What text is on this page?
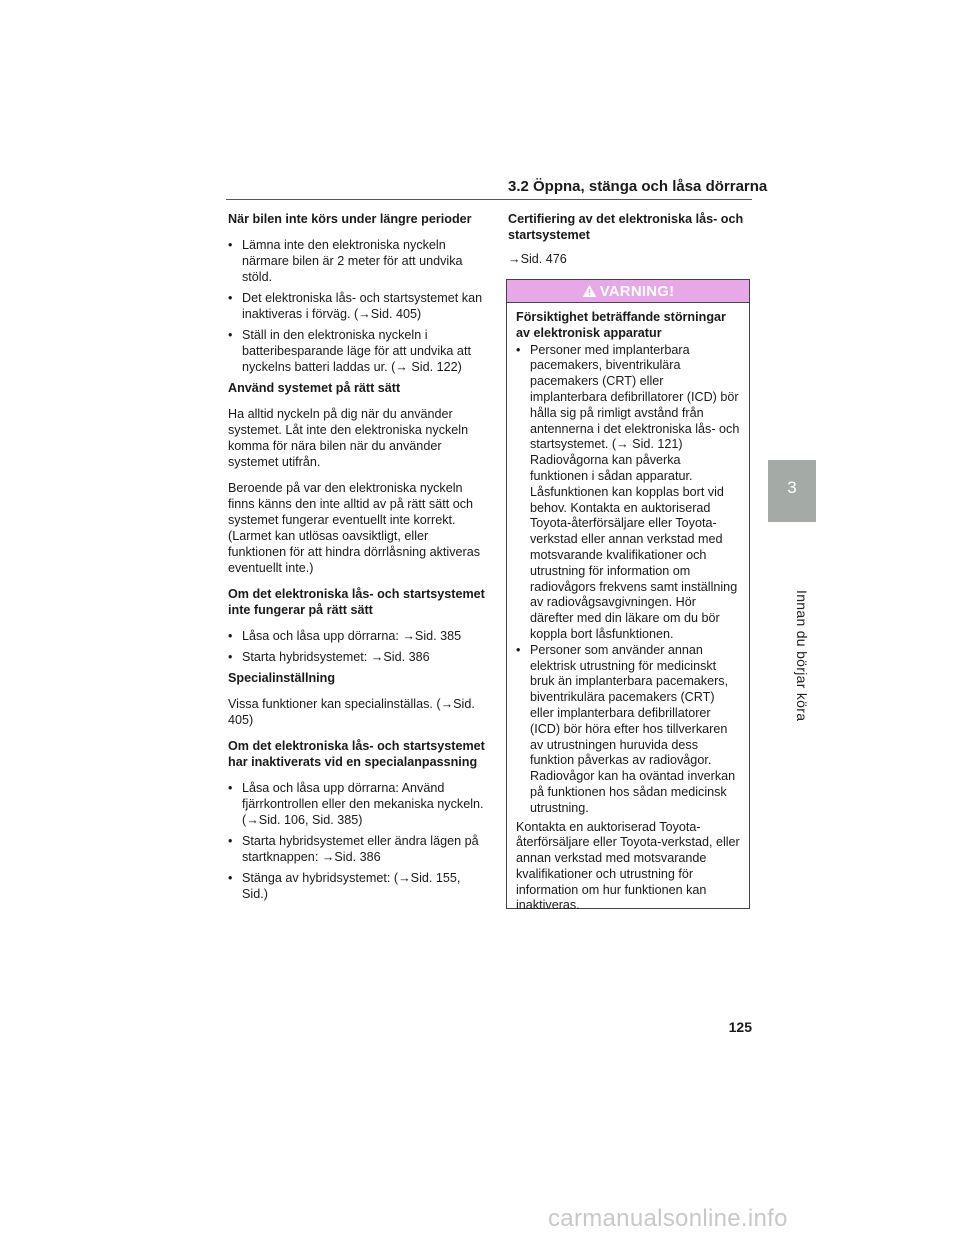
3.2 Öppna, stänga och låsa dörrarna
3
Innan du börjar köra

När bilen inte körs under längre perioder

• Lämna inte den elektroniska nyckeln närmare bilen är 2 meter för att undvika stöld.

• Det elektroniska lås- och startsystemet kan inaktiveras i förväg. (→Sid. 405)

• Ställ in den elektroniska nyckeln i batteribesparande läge för att undvika att nyckelns batteri laddas ur. (→ Sid. 122)

Använd systemet på rätt sätt

Ha alltid nyckeln på dig när du använder systemet. Låt inte den elektroniska nyckeln komma för nära bilen när du använder systemet utifrån.

Beroende på var den elektroniska nyckeln finns känns den inte alltid av på rätt sätt och systemet fungerar eventuellt inte korrekt. (Larmet kan utlösas oavsiktligt, eller funktionen för att hindra dörrlåsning aktiveras eventuellt inte.)

Om det elektroniska lås- och startsystemet inte fungerar på rätt sätt

• Låsa och låsa upp dörrarna: →Sid. 385

• Starta hybridsystemet: →Sid. 386

Specialinställning

Vissa funktioner kan specialinställas. (→Sid. 405)

Om det elektroniska lås- och startsystemet har inaktiverats vid en specialanpassning

• Låsa och låsa upp dörrarna: Använd fjärrkontrollen eller den mekaniska nyckeln. (→Sid. 106, Sid. 385)

• Starta hybridsystemet eller ändra lägen på startknappen: →Sid. 386

• Stänga av hybridsystemet: (→Sid. 155, Sid.)

Certifiering av det elektroniska lås- och startsystemet

→Sid. 476

VARNING!

Försiktighet beträffande störningar av elektronisk apparatur

• Personer med implanterbara pacemakers, biventrikulära pacemakers (CRT) eller implanterbara defibrillatorer (ICD) bör hålla sig på rimligt avstånd från antennerna i det elektroniska lås- och startsystemet. (→ Sid. 121) Radiovågorna kan påverka funktionen i sådan apparatur. Låsfunktionen kan kopplas bort vid behov. Kontakta en auktoriserad Toyota-återförsäljare eller Toyota-verkstad eller annan verkstad med motsvarande kvalifikationer och utrustning för information om radiovågors frekvens samt inställning av radiovågsavgivningen. Hör därefter med din läkare om du bör koppla bort låsfunktionen.

• Personer som använder annan elektrisk utrustning för medicinskt bruk än implanterbara pacemakers, biventrikulära pacemakers (CRT) eller implanterbara defibrillatorer (ICD) bör höra efter hos tillverkaren av utrustningen huruvida dess funktion påverkas av radiovågor. Radiovågor kan ha oväntad inverkan på funktionen hos sådan medicinsk utrustning.

Kontakta en auktoriserad Toyota-återförsäljare eller Toyota-verkstad, eller annan verkstad med motsvarande kvalifikationer och utrustning för information om hur funktionen kan inaktiveras.

125
carmanualsonline.info
